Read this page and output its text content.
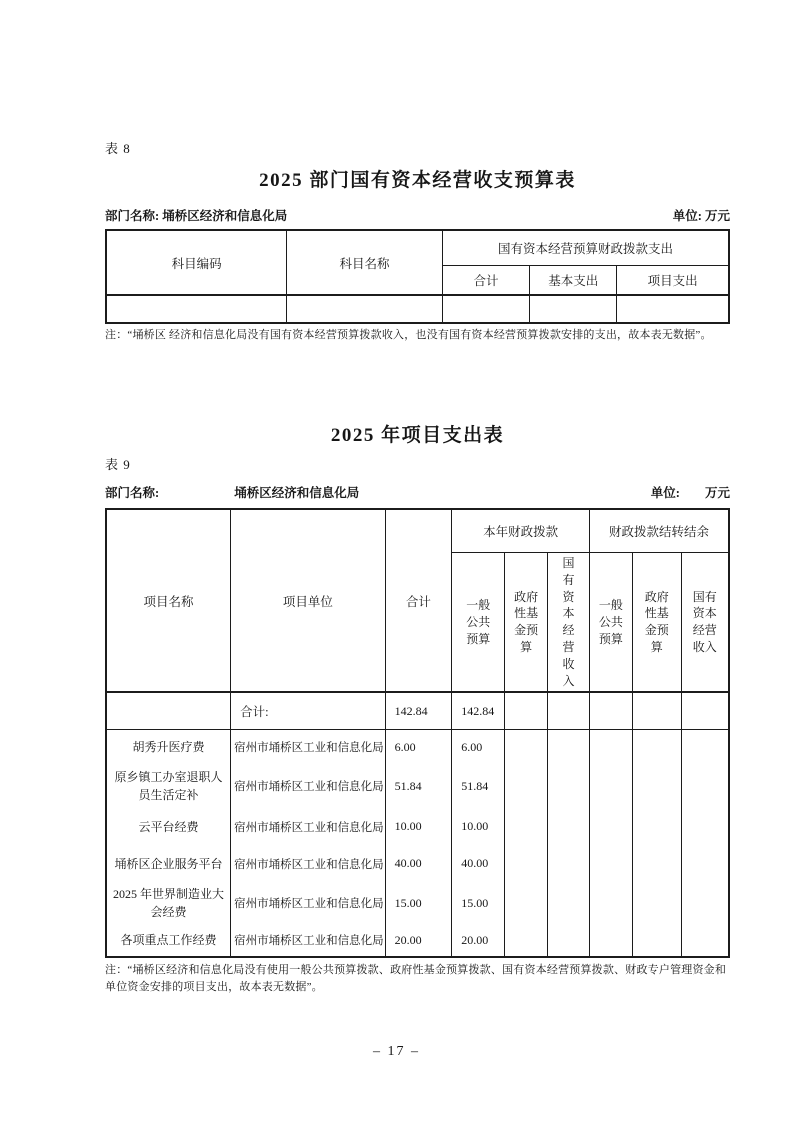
表 8
2025 部门国有资本经营收支预算表
部门名称: 埇桥区经济和信息化局	单位: 万元
科目编码	科目名称	国有资本经营预算财政拨款支出		
		合计	基本支出	项目支出

注：“埇桥区 经济和信息化局没有国有资本经营预算拨款收入，也没有国有资本经营预算拨款安排的支出，故本表无数据”。
2025 年项目支出表
表 9
部门名称:	埇桥区经济和信息化局	单位: 万元
项目名称	项目单位	合计	本年财政拨款			财政拨款结转结余		
			一般公共预算	政府性基金预算	国有资本经营收入	一般公共预算	政府性基金预算	国有资本经营收入
	合计:	142.84	142.84					
胡秀升医疗费	宿州市埇桥区工业和信息化局	6.00	6.00					
原乡镇工办室退职人员生活定补	宿州市埇桥区工业和信息化局	51.84	51.84					
云平台经费	宿州市埇桥区工业和信息化局	10.00	10.00					
埇桥区企业服务平台	宿州市埇桥区工业和信息化局	40.00	40.00					
2025 年世界制造业大会经费	宿州市埇桥区工业和信息化局	15.00	15.00					
各项重点工作经费	宿州市埇桥区工业和信息化局	20.00	20.00					
注：“埇桥区经济和信息化局没有使用一般公共预算拨款、政府性基金预算拨款、国有资本经营预算拨款、财政专户管理资金和单位资金安排的项目支出，故本表无数据”。
– 17 –
